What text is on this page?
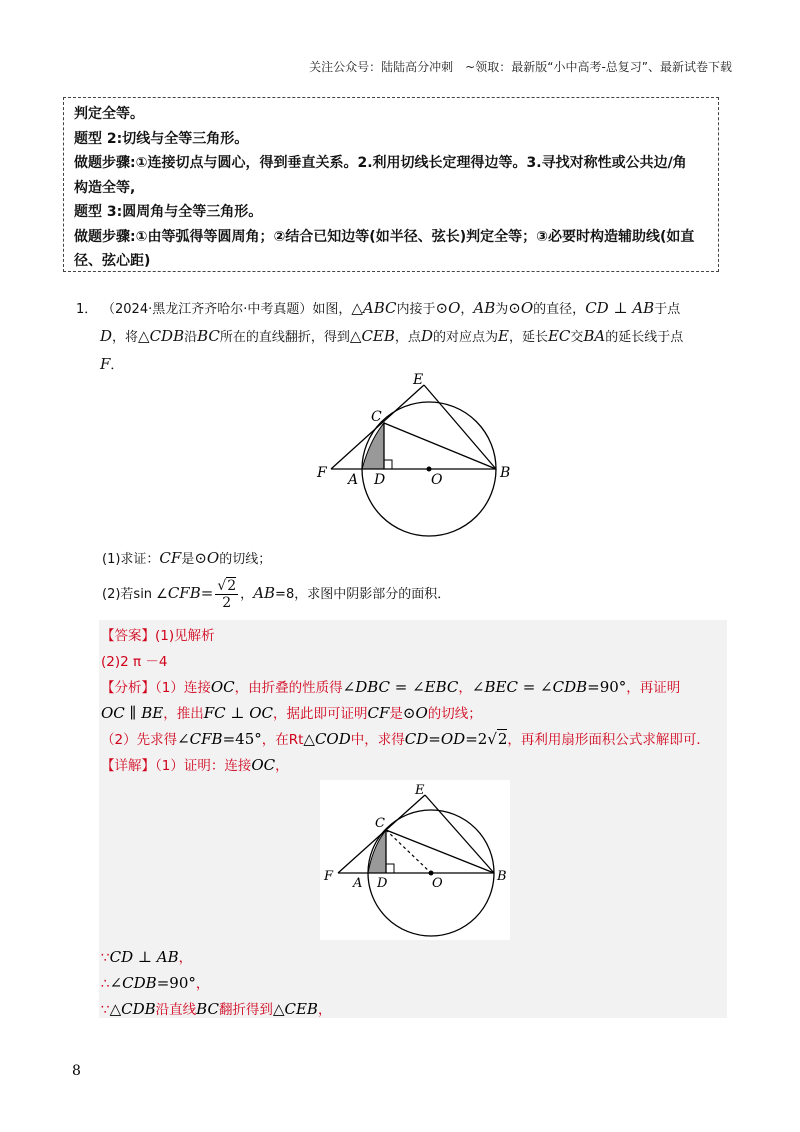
关注公众号：陆陆高分冲刺　~领取：最新版“小中高考-总复习”、最新试卷下载
判定全等。
题型 2:切线与全等三角形。
做题步骤:①连接切点与圆心，得到垂直关系。2.利用切线长定理得边等。3.寻找对称性或公共边/角
构造全等,
题型 3:圆周角与全等三角形。
做题步骤:①由等弧得等圆周角；②结合已知边等(如半径、弦长)判定全等；③必要时构造辅助线(如直
径、弦心距)
1． （2024·黑龙江齐齐哈尔·中考真题）如图，△ABC内接于⊙O，AB为⊙O的直径，CD ⊥ AB于点
D，将△CDB沿BC所在的直线翻折，得到△CEB，点D的对应点为E，延长EC交BA的延长线于点
F．
E
C
F A D	O	B
(1)求证：CF是⊙O的切线；
(2)若sin ∠CFB= $\frac{√2}{2}$ ，AB=8，求图中阴影部分的面积．
【答案】(1)见解析
(2)2 π －4
【分析】（1）连接OC，由折叠的性质得∠DBC = ∠EBC，∠BEC = ∠CDB=90°，再证明
OC ∥ BE，推出FC ⊥ OC，据此即可证明CF是⊙O的切线；
（2）先求得∠CFB=45°，在Rt△COD中，求得CD=OD=2√2，再利用扇形面积公式求解即可．
【详解】（1）证明：连接OC，
E
C
F A D	O	B
∵CD ⊥ AB，
∴∠CDB=90°，
∵△CDB沿直线BC翻折得到△CEB，
8
